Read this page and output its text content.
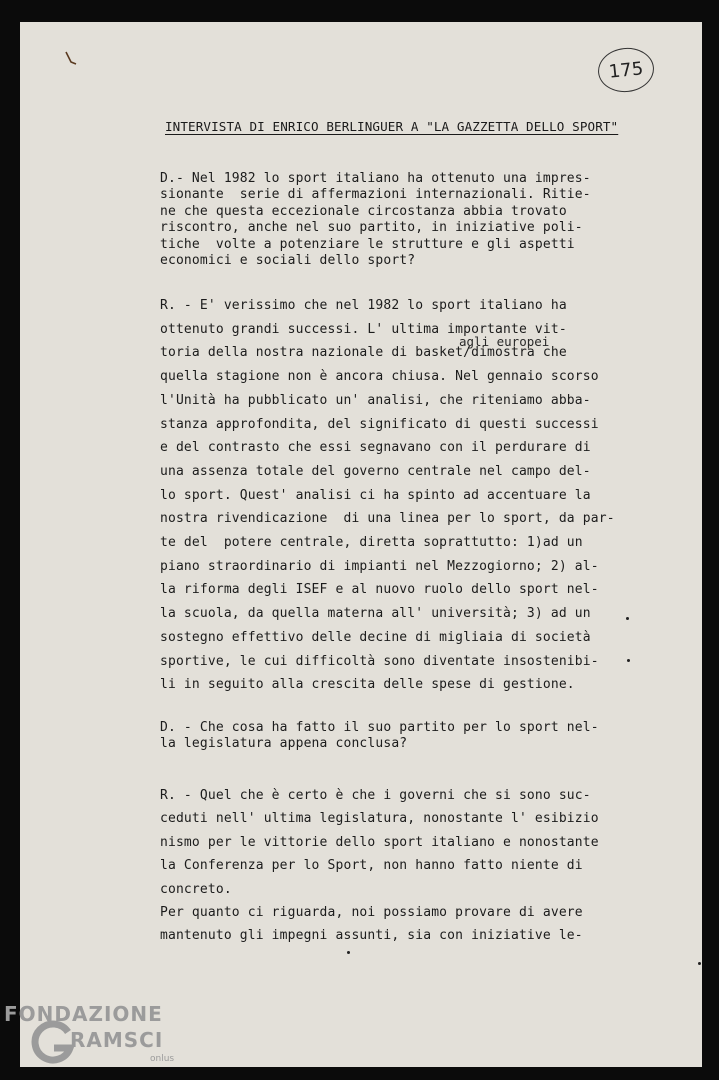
175
INTERVISTA DI ENRICO BERLINGUER A "LA GAZZETTA DELLO SPORT"
D.- Nel 1982 lo sport italiano ha ottenuto una impres-
sionante  serie di affermazioni internazionali. Ritie-
ne che questa eccezionale circostanza abbia trovato
riscontro, anche nel suo partito, in iniziative poli-
tiche  volte a potenziare le strutture e gli aspetti
economici e sociali dello sport?
agli europei
R. - E' verissimo che nel 1982 lo sport italiano ha
ottenuto grandi successi. L' ultima importante vit-
toria della nostra nazionale di basket/dimostra che
quella stagione non è ancora chiusa. Nel gennaio scorso
l'Unità ha pubblicato un' analisi, che riteniamo abba-
stanza approfondita, del significato di questi successi
e del contrasto che essi segnavano con il perdurare di
una assenza totale del governo centrale nel campo del-
lo sport. Quest' analisi ci ha spinto ad accentuare la
nostra rivendicazione  di una linea per lo sport, da par-
te del  potere centrale, diretta soprattutto: 1)ad un
piano straordinario di impianti nel Mezzogiorno; 2) al-
la riforma degli ISEF e al nuovo ruolo dello sport nel-
la scuola, da quella materna all' università; 3) ad un
sostegno effettivo delle decine di migliaia di società
sportive, le cui difficoltà sono diventate insostenibi-
li in seguito alla crescita delle spese di gestione.
D. - Che cosa ha fatto il suo partito per lo sport nel-
la legislatura appena conclusa?
R. - Quel che è certo è che i governi che si sono suc-
ceduti nell' ultima legislatura, nonostante l' esibizio
nismo per le vittorie dello sport italiano e nonostante
la Conferenza per lo Sport, non hanno fatto niente di
concreto.
Per quanto ci riguarda, noi possiamo provare di avere
mantenuto gli impegni assunti, sia con iniziative le-
FONDAZIONE
RAMSCI
onlus
